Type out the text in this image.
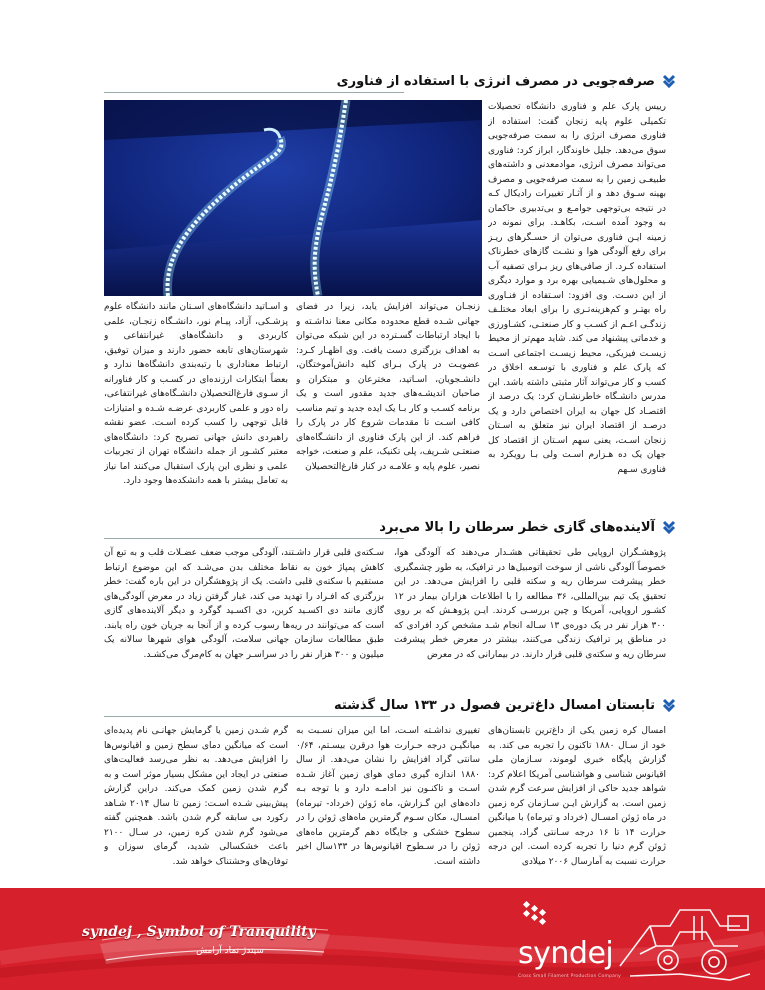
صرفه‌جویی در مصرف انرژی با استفاده از فناوری
رییس پارک علم و فناوری دانشگاه تحصیلات تکمیلی علوم پایه زنجان گفت: استفاده از فناوری مصرف انرژی را به سمت صرفه‌جویی سوق می‌دهد. جلیل خاوندگار، ابراز کرد: فناوری می‌تواند مصرف انرژی، موادمعدنی و داشته‌های طبیعـی زمین را به سمت صرفه‌جویی و مصرف بهینه سـوق دهد و از آثـار تغییرات رادیکال کـه در نتیجه بی‌توجهی جوامـع و بی‌تدبیری حاکمان به وجود آمده اسـت، بکاهـد. برای نمونه در زمینه ایـن فناوری می‌توان از حسـگرهای ریـز برای رفع آلودگی هوا و نشـت گازهای خطرناک استفاده کـرد. از صافی‌های ریز بـرای تصفیه آب و محلول‌های شـیمیایی بهره برد و موارد دیگری از این دسـت. وی افزود: اسـتفاده از فنـاوری راه بهتـر و کم‌هزینه‌تـری را برای ابعاد مختلـف زندگـی اعـم از کسـب و کار صنعتـی، کشـاورزی و خدماتی پیشنهاد می کند. شاید مهم‌تر از محیط زیسـت فیزیکی، محیط زیسـت اجتماعی اسـت که پارک علم و فناوری با توسـعه اخلاق در کسب و کار می‌تواند آثار مثبتی داشته باشد. این مدرس دانشـگاه خاطرنشـان کرد: یک درصد از اقتصـاد کل جهان به ایران اختصاص دارد و یک درصـد از اقتصاد ایران نیز متعلق به اسـتان زنجان اسـت، یعنی سهم اسـتان از اقتصاد کل جهان یک ده هـزارم اسـت ولی بـا رویکرد به فناوری سـهم
زنجـان می‌تواند افزایش یابد، زیرا در فضای جهانی شـده قطع محدوده مکانی معنا نداشـته و با ایجاد ارتباطات گسـترده در این شبکه می‌توان به اهداف بزرگتری دست یافت. وی اظهـار کـرد: عضویـت در پارک بـرای کلیه دانش‌آموختگان، دانشـجویان، اسـاتید، مخترعان و مبتکران و صاحبان اندیشـه‌های جدید مقدور است و یک برنامه کسـب و کار بـا یک ایده جدید و تیم مناسب کافی اسـت تا مقدمات شروع کار در پارک را فراهم کند. از این پارک فناوری از دانشـگاه‌های صنعتـی شـریف، پلی تکنیک، علم و صنعت، خواجه نصیر، علوم پایه و علامـه در کنار فارغ‌التحصیلان
و اسـاتید دانشگاه‌های اسـتان مانند دانشگاه علوم پزشـکی، آزاد، پیـام نور، دانشـگاه زنجـان، علمی کاربردی و دانشگاه‌های غیرانتفاعی و شهرستان‌های تابعه حضور دارند و میزان توفیق، ارتباط معناداری با رتبه‌بندی دانشگاه‌ها ندارد و بعضاً ابتکارات ارزنده‌ای در کسـب و کار فناورانه از سـوی فارغ‌التحصیلان دانشـگاه‌های غیرانتفاعی، راه دور و علمی کاربردی عرضـه شـده و امتیازات قابل توجهی را کسب کرده اسـت. عضو نقشه راهبردی دانش جهانی تصریح کرد: دانشگاه‌های معتبر کشـور از جمله دانشگاه تهران از تجربیات علمی و نظری این پارک استقبال می‌کنند اما نیاز به تعامل بیشتر با همه دانشکده‌ها وجود دارد.
آلاینده‌های گازی خطر سرطان را بالا می‌برد
پژوهشـگران اروپایی طی تحقیقاتی هشـدار می‌دهند که آلودگی هوا، خصوصاً آلودگی ناشی از سوخت اتومبیل‌ها در ترافیک، به طور چشمگیری خطر پیشرفت سرطان ریه و سکته قلبی را افزایش می‌دهد. در این تحقیق یک تیم بین‌المللی، ۳۶ مطالعه را با اطلاعات هزاران بیمار در ۱۲ کشـور اروپایی، آمریکا و چین بررسـی کردند. ایـن پژوهـش که بر روی ۳۰۰ هزار نفر در یک دوره‌ی ۱۳ سـاله انجام شـد مشخص کرد افرادی که در مناطق پر ترافیک زندگی می‌کنند، بیشتر در معرض خطر پیشرفت سرطان ریه و سکته‌ی قلبی قرار دارند. در بیمارانی که در معرض
سـکته‌ی قلبی قرار داشـتند، آلودگی موجب ضعف عضـلات قلب و به تبع آن کاهش پمپاژ خون به نقاط مختلف بدن می‌شـد که این موضوع ارتباط مستقیم با سکته‌ی قلبی داشت. یک از پژوهشگران در این باره گفت: خطر بزرگتری که افـراد را تهدید می کند، غبار گرفتن زیاد در معرض آلودگی‌های گازی مانند دی اکسـید کربن، دی اکسـید گوگرد و دیگر آلاینده‌های گازی است که می‌توانند در ریه‌ها رسوب کرده و از آنجا به جریان خون راه یابند. طبق مطالعات سازمان جهانی سلامت، آلودگی هوای شهرها سالانه یک میلیون و ۳۰۰ هزار نفر را در سراسـر جهان به کام‌مرگ می‌کشـد.
تابستان امسال داغ‌ترین فصول در ۱۳۳ سال گذشته
امسال کره زمین یکی از داغ‌ترین تابستان‌های خود از سـال ۱۸۸۰ تاکنون را تجربه می کند. به گزارش پایگاه خبری لوموند، سـازمان ملی اقیانوس شناسی و هواشناسی آمریکا اعلام کرد: شواهد جدید حاکی از افزایش سرعت گرم شدن زمین است. به گزارش ایـن سـازمان کره زمین در ماه ژوئن امسـال (خرداد و تیرماه) با میانگین حرارت ۱۴ تا ۱۶ درجه سـانتی گراد، پنجمین ژوئن گرم دنیا را تجربه کرده است. این درجه حرارت نسبت به آمارسال ۲۰۰۶ میلادی
تغییری نداشـته اسـت، اما این میزان نسـبت به میانگیـن درجه حـرارت هوا درقرن بیسـتم، ۰/۶۴ سانتی گراد افزایش را نشان می‌دهد. از سال ۱۸۸۰ اندازه گیری دمای هوای زمین آغاز شـده اسـت و تاکنـون نیز ادامـه دارد و با توجه بـه داده‌های این گـزارش، ماه ژوئن (خرداد- تیرماه) امسـال، مکان سـوم گرمترین ماه‌های ژوئن را در سطوح خشکی و جایگاه دهم گرمترین ماه‌های ژوئن را در سـطوح اقیانوس‌ها در ۱۳۳سال اخیر داشته است.
گرم شـدن زمین یا گرمایش جهانـی نام پدیده‌ای است که میانگین دمای سطح زمین و اقیانوس‌ها را افزایش می‌دهد. به نظر می‌رسد فعالیت‌های صنعتی در ایجاد این مشکل بسیار موثر است و به گرم شدن زمین کمک می‌کند. دراین گزارش پیش‌بینی شـده اسـت: زمین تا سال ۲۰۱۴ شـاهد رکورد بی سابقه گرم شدن باشد. همچنین گفته می‌شود گرم شدن کره زمین، در سـال ۲۱۰۰ باعث خشکسالی شدید، گرمای سوزان و توفان‌های وحشتناک خواهد شد.
syndej , Symbol of Tranquility
سیندژ نماد آرامش	syndej
Cross Small Filament Production Company
